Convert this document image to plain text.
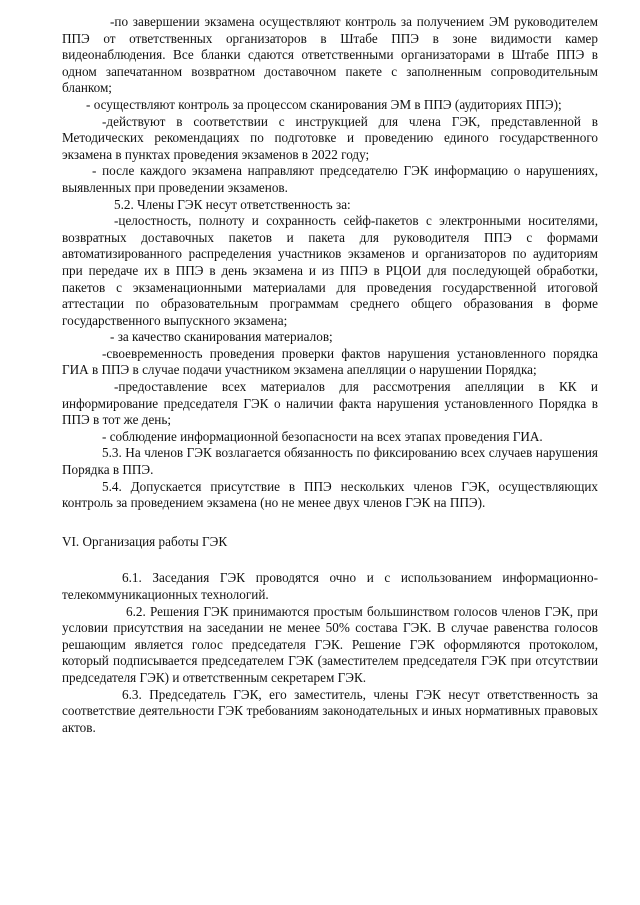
-по завершении экзамена осуществляют контроль за получением ЭМ руководителем ППЭ от ответственных организаторов в Штабе ППЭ в зоне видимости камер видеонаблюдения. Все бланки сдаются ответственными организаторами в Штабе ППЭ в одном запечатанном возвратном доставочном пакете с заполненным сопроводительным бланком;

- осуществляют контроль за процессом сканирования ЭМ в ППЭ (аудиториях ППЭ);

-действуют в соответствии с инструкцией для члена ГЭК, представленной в Методических рекомендациях по подготовке и проведению единого государственного экзамена в пунктах проведения экзаменов в 2022 году;

- после каждого экзамена направляют председателю ГЭК информацию о нарушениях, выявленных при проведении экзаменов.

5.2. Члены ГЭК несут ответственность за:

-целостность, полноту и сохранность сейф-пакетов с электронными носителями, возвратных доставочных пакетов и пакета для руководителя ППЭ с формами автоматизированного распределения участников экзаменов и организаторов по аудиториям при передаче их в ППЭ в день экзамена и из ППЭ в РЦОИ для последующей обработки, пакетов с экзаменационными материалами для проведения государственной итоговой аттестации по образовательным программам среднего общего образования в форме государственного выпускного экзамена;

- за качество сканирования материалов;

-своевременность проведения проверки фактов нарушения установленного порядка ГИА в ППЭ в случае подачи участником экзамена апелляции о нарушении Порядка;

-предоставление всех материалов для рассмотрения апелляции в КК и информирование председателя ГЭК о наличии факта нарушения установленного Порядка в ППЭ в тот же день;

- соблюдение информационной безопасности на всех этапах проведения ГИА.

5.3. На членов ГЭК возлагается обязанность по фиксированию всех случаев нарушения Порядка в ППЭ.

5.4. Допускается присутствие в ППЭ нескольких членов ГЭК, осуществляющих контроль за проведением экзамена (но не менее двух членов ГЭК на ППЭ).

VI. Организация работы ГЭК

6.1. Заседания ГЭК проводятся очно и с использованием информационно-телекоммуникационных технологий.

6.2. Решения ГЭК принимаются простым большинством голосов членов ГЭК, при условии присутствия на заседании не менее 50% состава ГЭК. В случае равенства голосов решающим является голос председателя ГЭК. Решение ГЭК оформляются протоколом, который подписывается председателем ГЭК (заместителем председателя ГЭК при отсутствии председателя ГЭК) и ответственным секретарем ГЭК.

6.3. Председатель ГЭК, его заместитель, члены ГЭК несут ответственность за соответствие деятельности ГЭК требованиям законодательных и иных нормативных правовых актов.
